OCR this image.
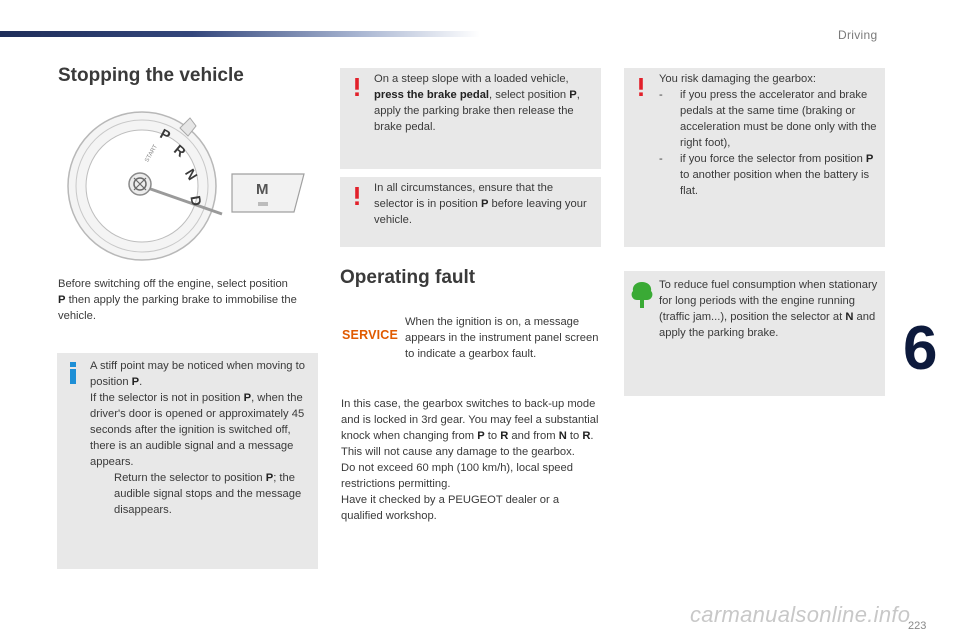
Driving
6
223
carmanualsonline.info
Stopping the vehicle
P
R
N
D
START
M

Before switching off the engine, select position P then apply the parking brake to immobilise the vehicle.

A stiff point may be noticed when moving to position P.
If the selector is not in position P, when the driver's door is opened or approximately 45 seconds after the ignition is switched off, there is an audible signal and a message appears.
Return the selector to position P; the audible signal stops and the message disappears.
On a steep slope with a loaded vehicle, press the brake pedal, select position P, apply the parking brake then release the brake pedal.
In all circumstances, ensure that the selector is in position P before leaving your vehicle.
Operating fault
SERVICE

When the ignition is on, a message appears in the instrument panel screen to indicate a gearbox fault.

In this case, the gearbox switches to back-up mode and is locked in 3rd gear. You may feel a substantial knock when changing from P to R and from N to R. This will not cause any damage to the gearbox.
Do not exceed 60 mph (100 km/h), local speed restrictions permitting.
Have it checked by a PEUGEOT dealer or a qualified workshop.
You risk damaging the gearbox:
- if you press the accelerator and brake pedals at the same time (braking or acceleration must be done only with the right foot),
- if you force the selector from position P to another position when the battery is flat.
To reduce fuel consumption when stationary for long periods with the engine running (traffic jam...), position the selector at N and apply the parking brake.
